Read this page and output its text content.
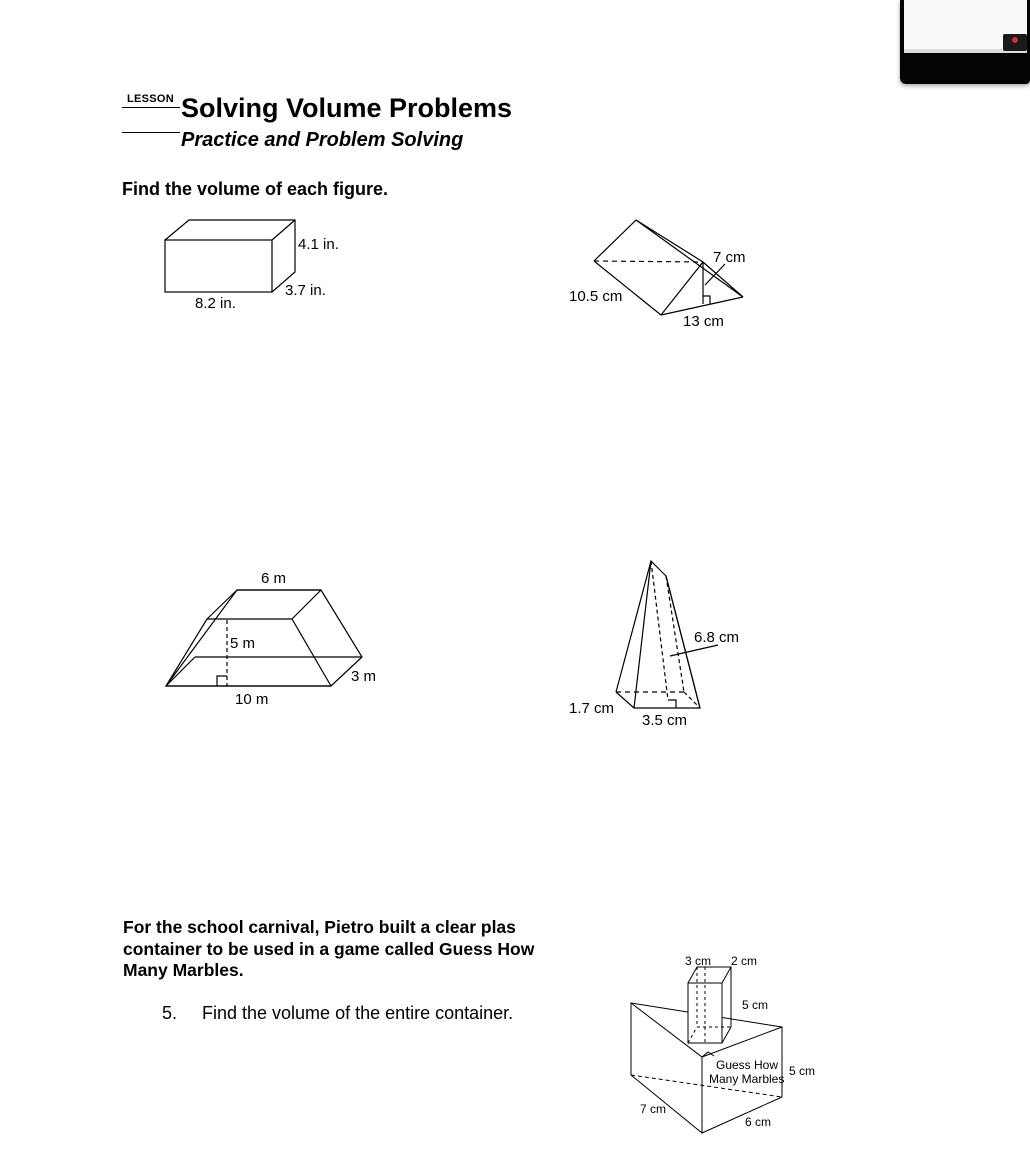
LESSON Solving Volume Problems
Practice and Problem Solving
Find the volume of each figure.
4.1 in.
3.7 in.
8.2 in.
7 cm
10.5 cm
13 cm
6 m
5 m
10 m
3 m
6.8 cm
1.7 cm
3.5 cm
3 cm 2 cm
5 cm
Guess How
Many Marbles
5 cm
7 cm
6 cm
For the school carnival, Pietro built a clear plas container to be used in a game called Guess How Many Marbles.
5. Find the volume of the entire container.
